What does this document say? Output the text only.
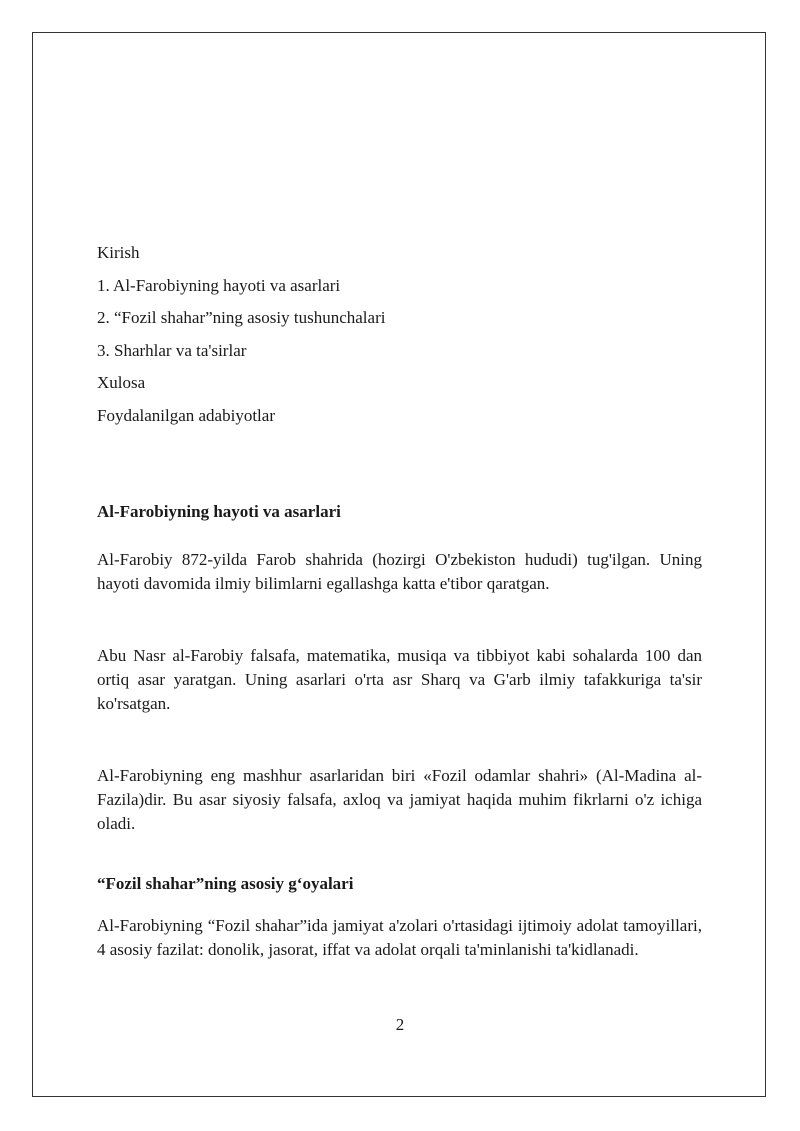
Kirish
1. Al-Farobiyning hayoti va asarlari
2. “Fozil shahar”ning asosiy tushunchalari
3. Sharhlar va ta'sirlar
Xulosa
Foydalanilgan adabiyotlar
Al-Farobiyning hayoti va asarlari

Al-Farobiy 872-yilda Farob shahrida (hozirgi O'zbekiston hududi) tug'ilgan. Uning hayoti davomida ilmiy bilimlarni egallashga katta e'tibor qaratgan.

Abu Nasr al-Farobiy falsafa, matematika, musiqa va tibbiyot kabi sohalarda 100 dan ortiq asar yaratgan. Uning asarlari o'rta asr Sharq va G'arb ilmiy tafakkuriga ta'sir ko'rsatgan.

Al-Farobiyning eng mashhur asarlaridan biri «Fozil odamlar shahri» (Al-Madina al-Fazila)dir. Bu asar siyosiy falsafa, axloq va jamiyat haqida muhim fikrlarni o'z ichiga oladi.

“Fozil shahar”ning asosiy g‘oyalari

Al-Farobiyning “Fozil shahar”ida jamiyat a'zolari o'rtasidagi ijtimoiy adolat tamoyillari, 4 asosiy fazilat: donolik, jasorat, iffat va adolat orqali ta'minlanishi ta'kidlanadi.

2
